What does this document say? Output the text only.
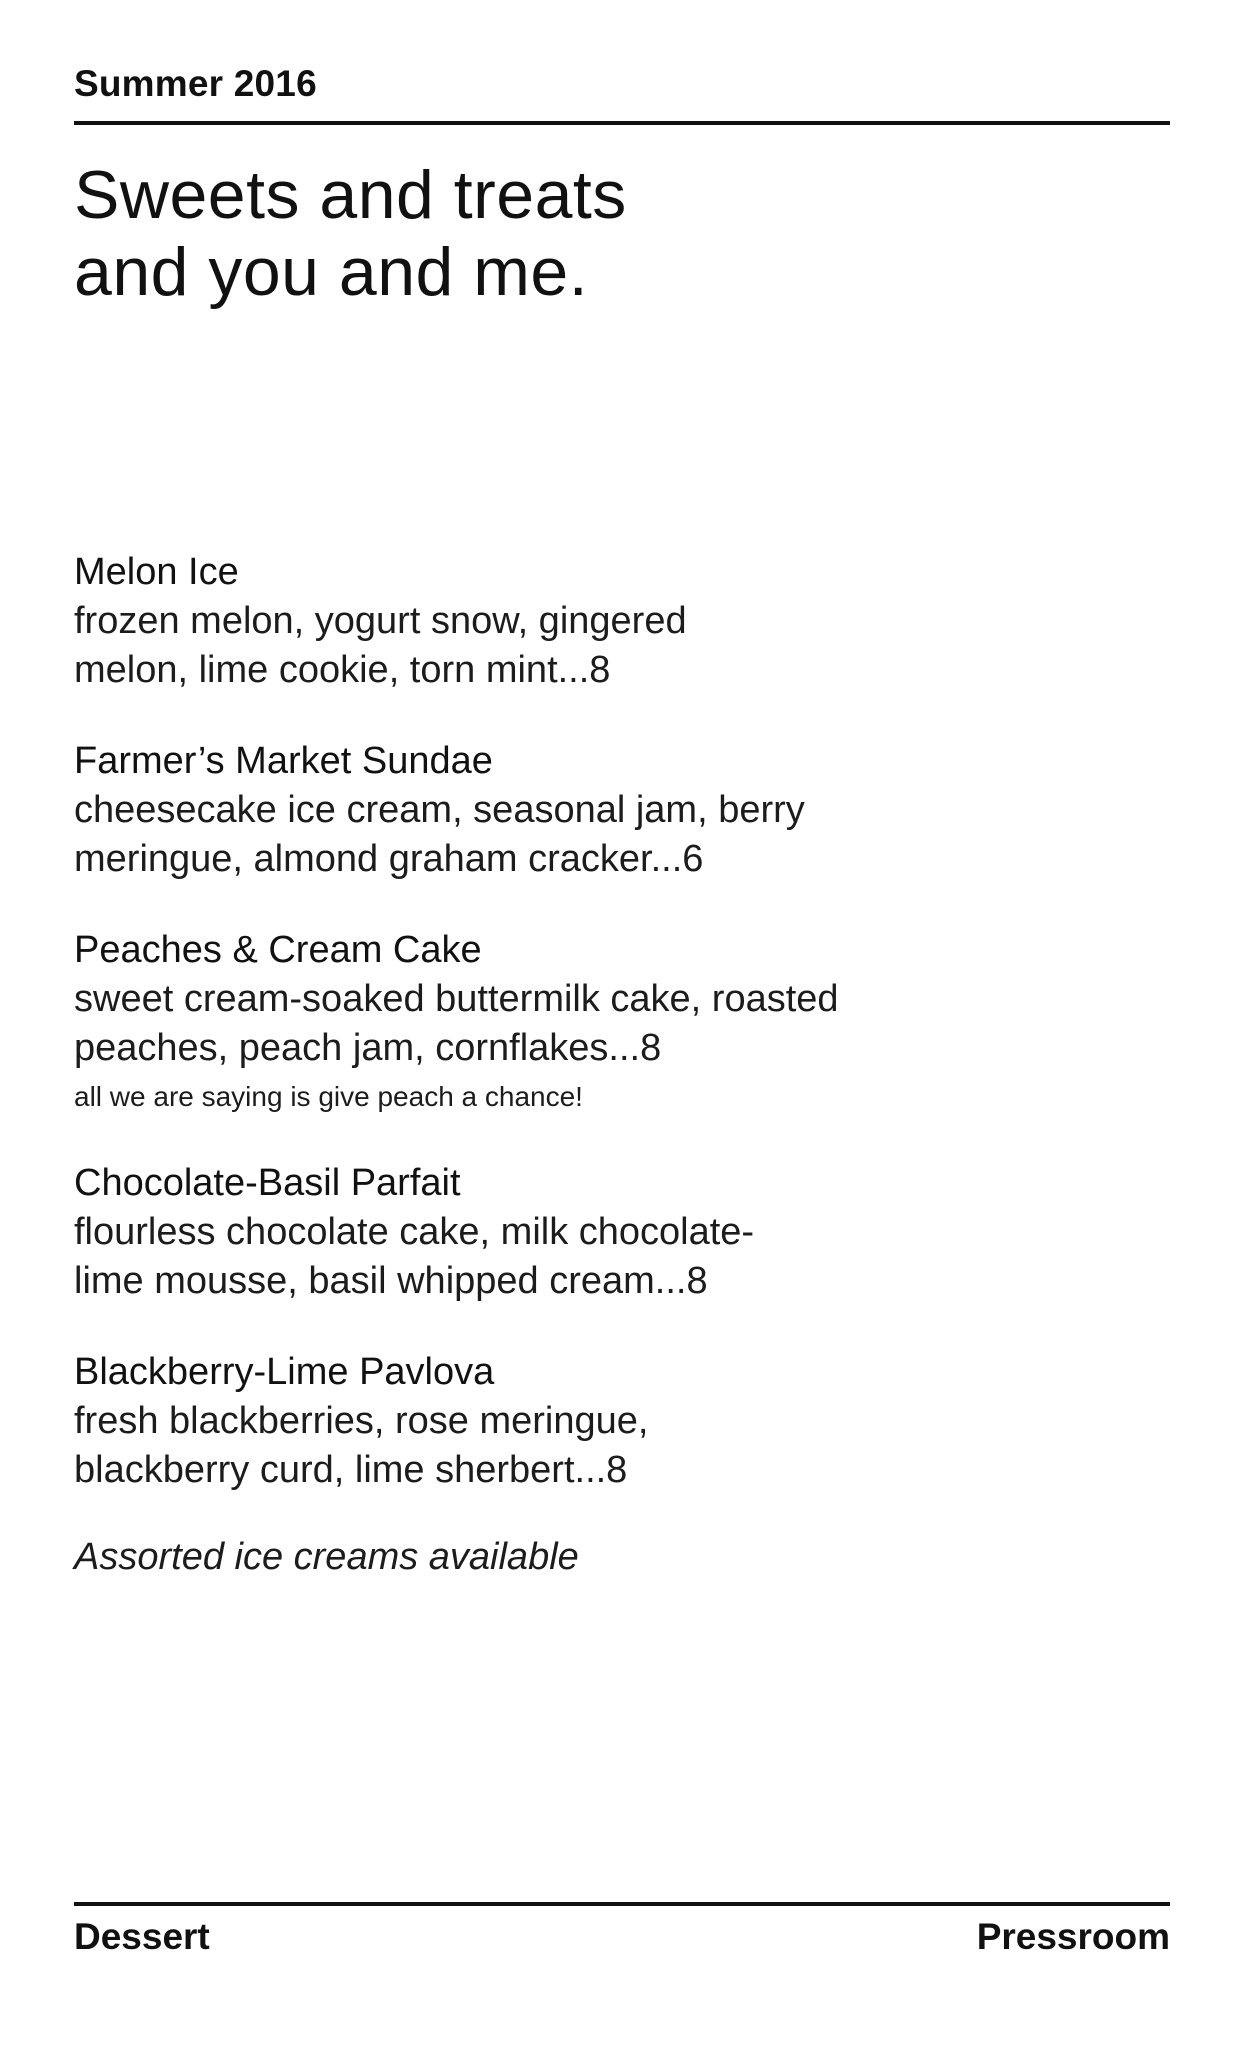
Summer 2016
Sweets and treats
and you and me.
Melon Ice
frozen melon, yogurt snow, gingered
melon, lime cookie, torn mint...8
Farmer’s Market Sundae
cheesecake ice cream, seasonal jam, berry
meringue, almond graham cracker...6
Peaches & Cream Cake
sweet cream-soaked buttermilk cake, roasted
peaches, peach jam, cornflakes...8
all we are saying is give peach a chance!
Chocolate-Basil Parfait
flourless chocolate cake, milk chocolate-
lime mousse, basil whipped cream...8
Blackberry-Lime Pavlova
fresh blackberries, rose meringue,
blackberry curd, lime sherbert...8
Assorted ice creams available
Dessert	Pressroom
